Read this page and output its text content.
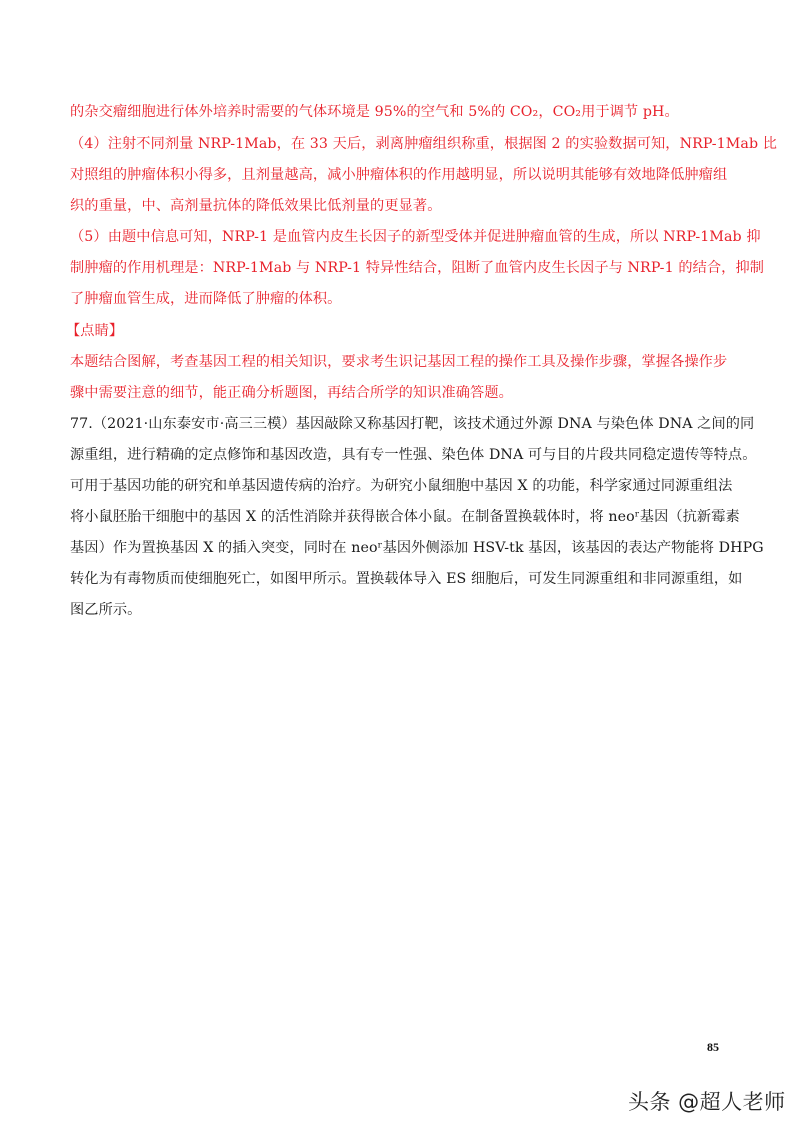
的杂交瘤细胞进行体外培养时需要的气体环境是 95%的空气和 5%的 CO₂，CO₂用于调节 pH。
（4）注射不同剂量 NRP-1Mab，在 33 天后，剥离肿瘤组织称重，根据图 2 的实验数据可知，NRP-1Mab 比
对照组的肿瘤体积小得多，且剂量越高，减小肿瘤体积的作用越明显，所以说明其能够有效地降低肿瘤组
织的重量，中、高剂量抗体的降低效果比低剂量的更显著。
（5）由题中信息可知，NRP-1 是血管内皮生长因子的新型受体并促进肿瘤血管的生成，所以 NRP-1Mab 抑
制肿瘤的作用机理是：NRP-1Mab 与 NRP-1 特异性结合，阻断了血管内皮生长因子与 NRP-1 的结合，抑制
了肿瘤血管生成，进而降低了肿瘤的体积。
【点睛】
本题结合图解，考查基因工程的相关知识，要求考生识记基因工程的操作工具及操作步骤，掌握各操作步
骤中需要注意的细节，能正确分析题图，再结合所学的知识准确答题。
77.（2021·山东泰安市·高三三模）基因敲除又称基因打靶，该技术通过外源 DNA 与染色体 DNA 之间的同
源重组，进行精确的定点修饰和基因改造，具有专一性强、染色体 DNA 可与目的片段共同稳定遗传等特点。
可用于基因功能的研究和单基因遗传病的治疗。为研究小鼠细胞中基因 X 的功能，科学家通过同源重组法
将小鼠胚胎干细胞中的基因 X 的活性消除并获得嵌合体小鼠。在制备置换载体时，将 neoʳ基因（抗新霉素
基因）作为置换基因 X 的插入突变，同时在 neoʳ基因外侧添加 HSV-tk 基因，该基因的表达产物能将 DHPG
转化为有毒物质而使细胞死亡，如图甲所示。置换载体导入 ES 细胞后，可发生同源重组和非同源重组，如
图乙所示。
85
头条 @超人老师
